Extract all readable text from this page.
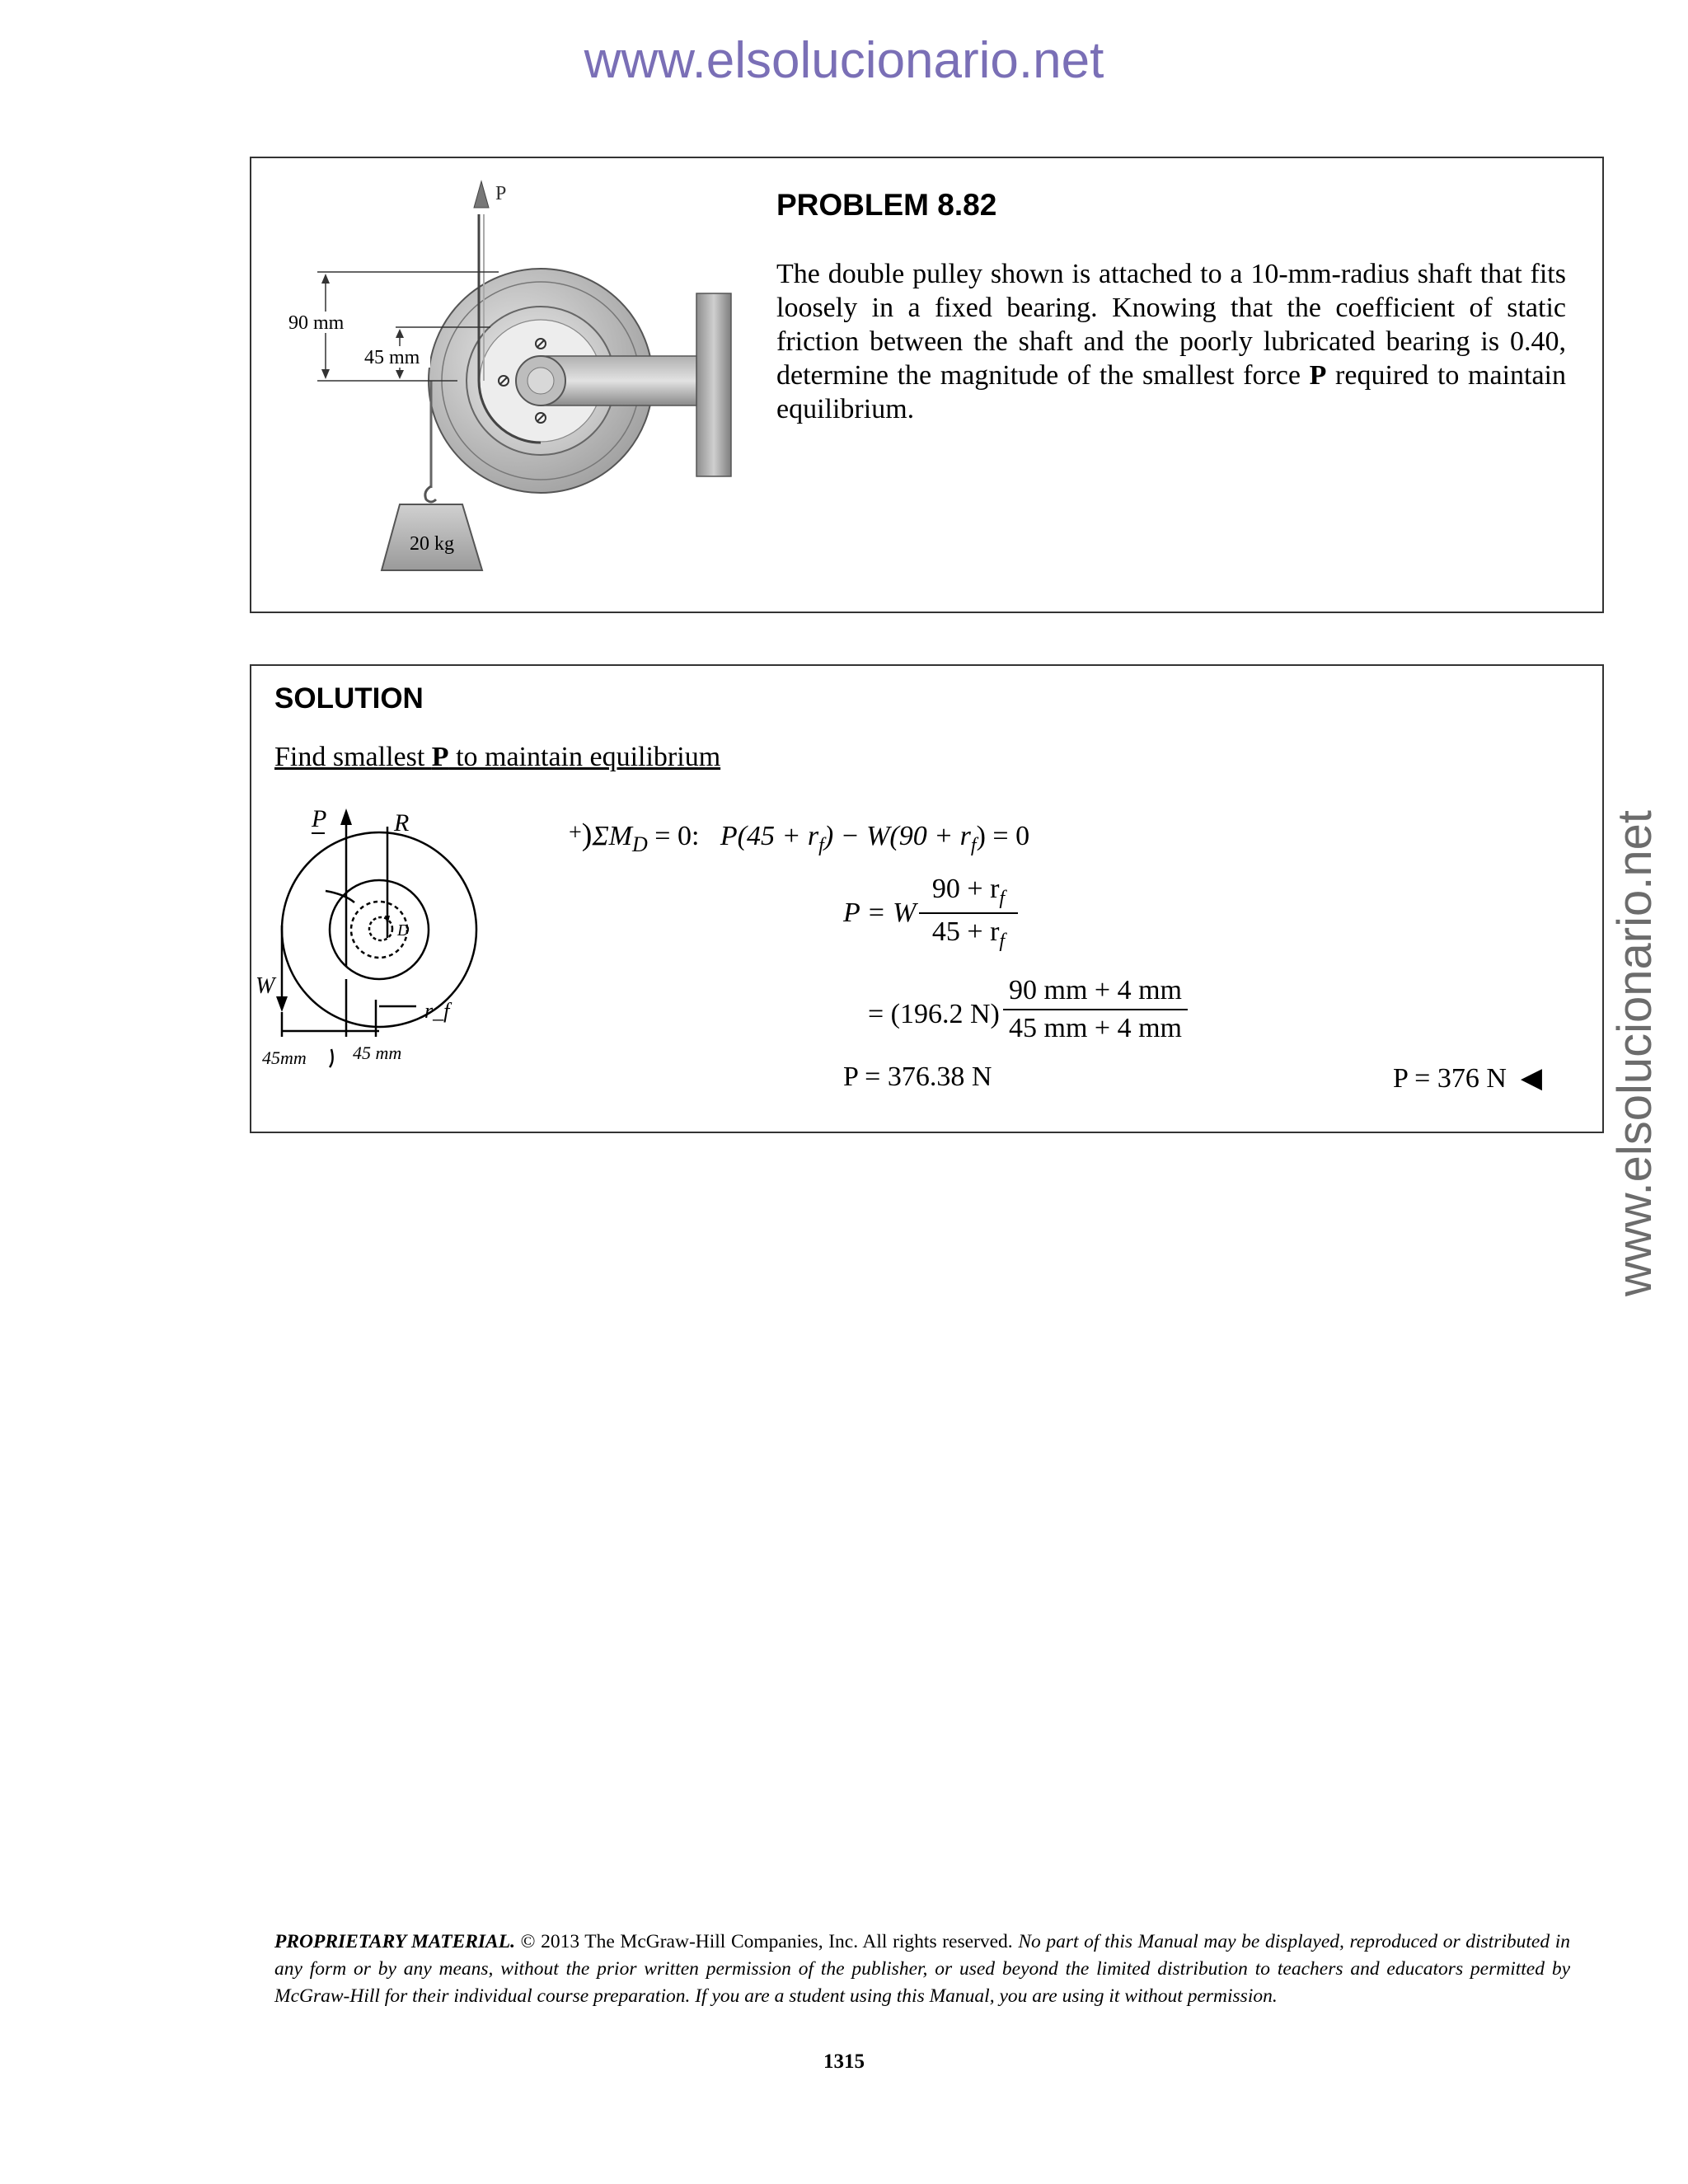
www.elsolucionario.net
www.elsolucionario.net
P
20 kg
90 mm
45 mm
PROBLEM 8.82
The double pulley shown is attached to a 10-mm-radius shaft that fits loosely in a fixed bearing. Knowing that the coefficient of static friction between the shaft and the poorly lubricated bearing is 0.40, determine the magnitude of the smallest force P required to maintain equilibrium.
SOLUTION
Find smallest P to maintain equilibrium
P	R
D
W
r_f
45mm	45 mm
$+)\Sigma M_D = 0$: $P(45 + r_f) - W(90 + r_f) = 0$
P = W $\frac{90 + r_f}{45 + r_f}$
= (196.2 $N) \frac{90 mm + 4 mm}{45 mm + 4 mm}$
P = 376.38 N	P = 376 N ◀
PROPRIETARY MATERIAL. © 2013 The McGraw-Hill Companies, Inc. All rights reserved. No part of this Manual may be displayed, reproduced or distributed in any form or by any means, without the prior written permission of the publisher, or used beyond the limited distribution to teachers and educators permitted by McGraw-Hill for their individual course preparation. If you are a student using this Manual, you are using it without permission.
1315
